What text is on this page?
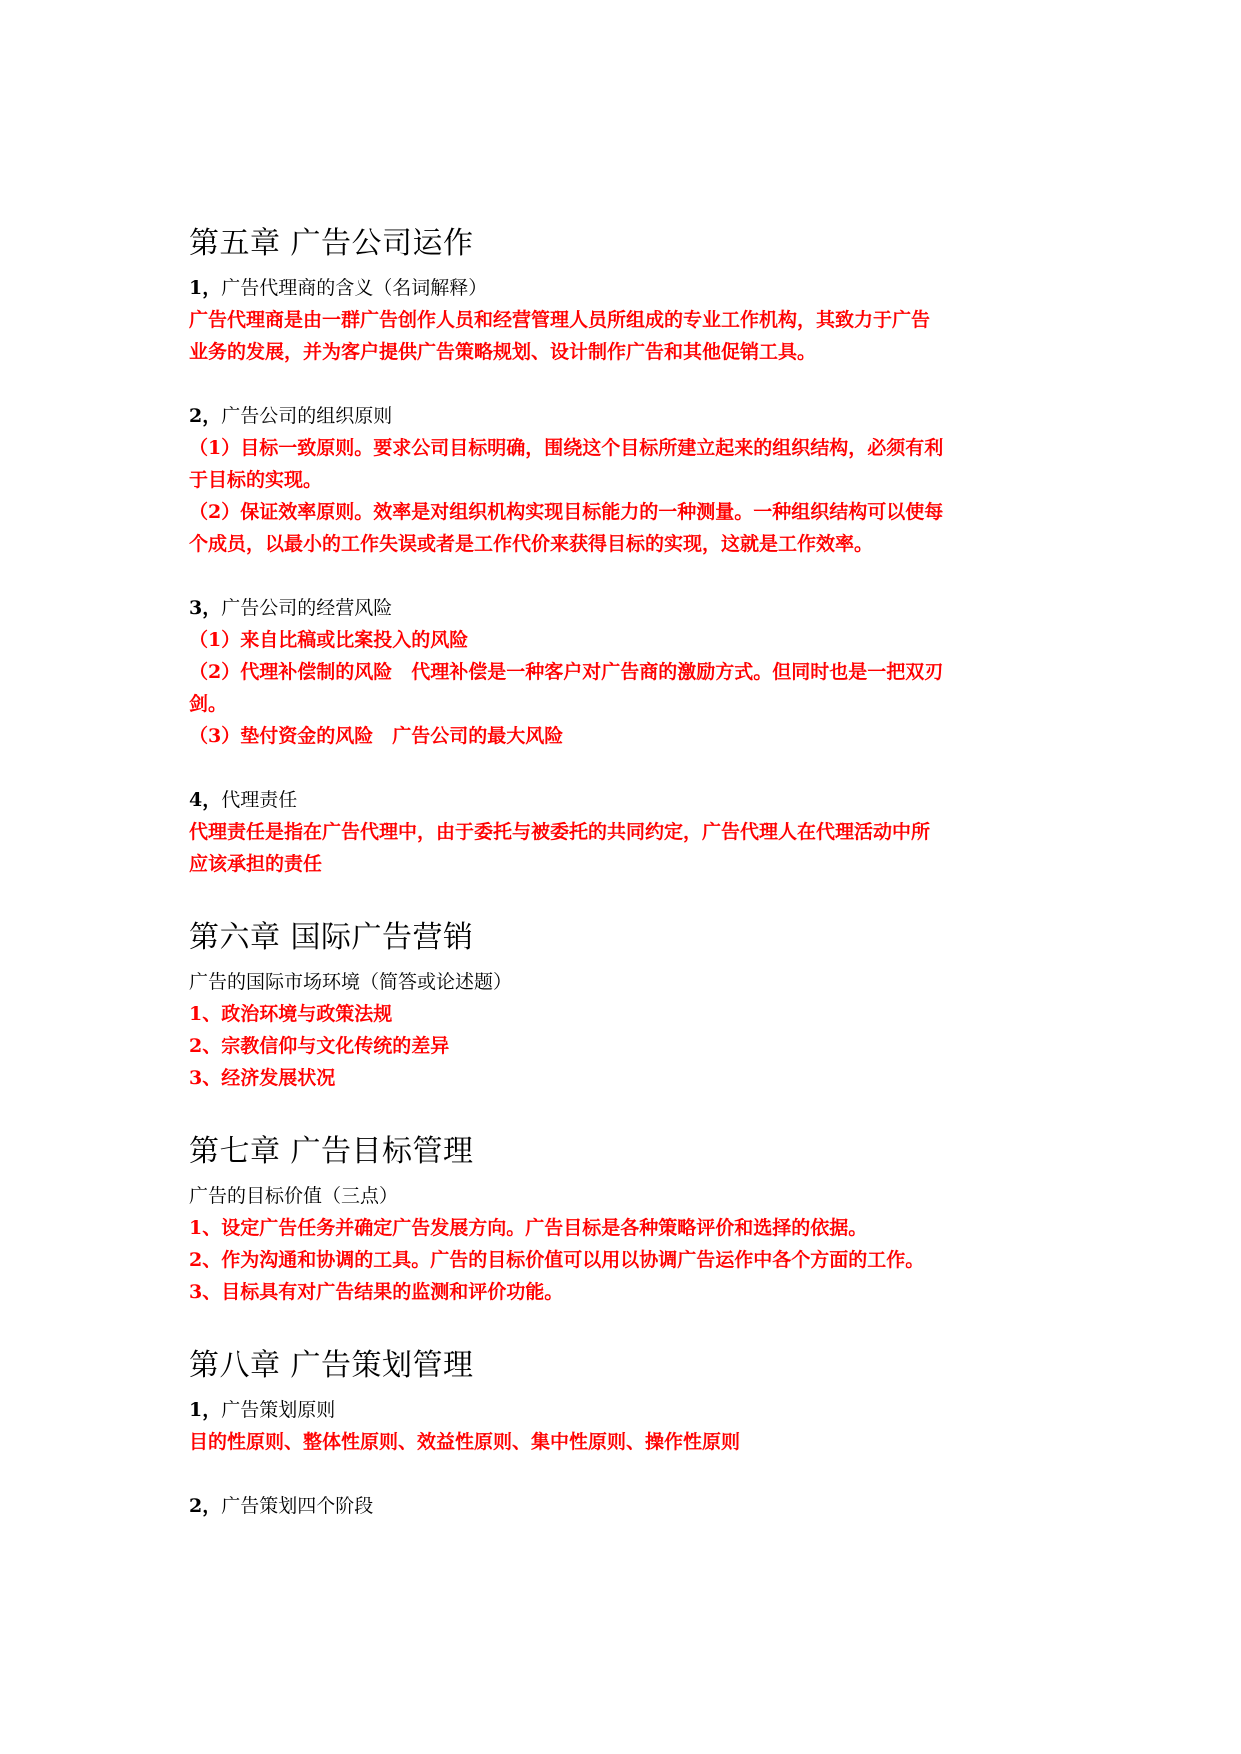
第五章 广告公司运作

1，广告代理商的含义（名词解释）

广告代理商是由一群广告创作人员和经营管理人员所组成的专业工作机构，其致力于广告

业务的发展，并为客户提供广告策略规划、设计制作广告和其他促销工具。

2，广告公司的组织原则

（1）目标一致原则。要求公司目标明确，围绕这个目标所建立起来的组织结构，必须有利

于目标的实现。

（2）保证效率原则。效率是对组织机构实现目标能力的一种测量。一种组织结构可以使每

个成员，以最小的工作失误或者是工作代价来获得目标的实现，这就是工作效率。

3，广告公司的经营风险

（1）来自比稿或比案投入的风险

（2）代理补偿制的风险　代理补偿是一种客户对广告商的激励方式。但同时也是一把双刃

剑。

（3）垫付资金的风险　广告公司的最大风险

4，代理责任

代理责任是指在广告代理中，由于委托与被委托的共同约定，广告代理人在代理活动中所

应该承担的责任

第六章 国际广告营销

广告的国际市场环境（简答或论述题）

1、政治环境与政策法规

2、宗教信仰与文化传统的差异

3、经济发展状况

第七章 广告目标管理

广告的目标价值（三点）

1、设定广告任务并确定广告发展方向。广告目标是各种策略评价和选择的依据。

2、作为沟通和协调的工具。广告的目标价值可以用以协调广告运作中各个方面的工作。

3、目标具有对广告结果的监测和评价功能。

第八章 广告策划管理

1，广告策划原则

目的性原则、整体性原则、效益性原则、集中性原则、操作性原则

2，广告策划四个阶段
